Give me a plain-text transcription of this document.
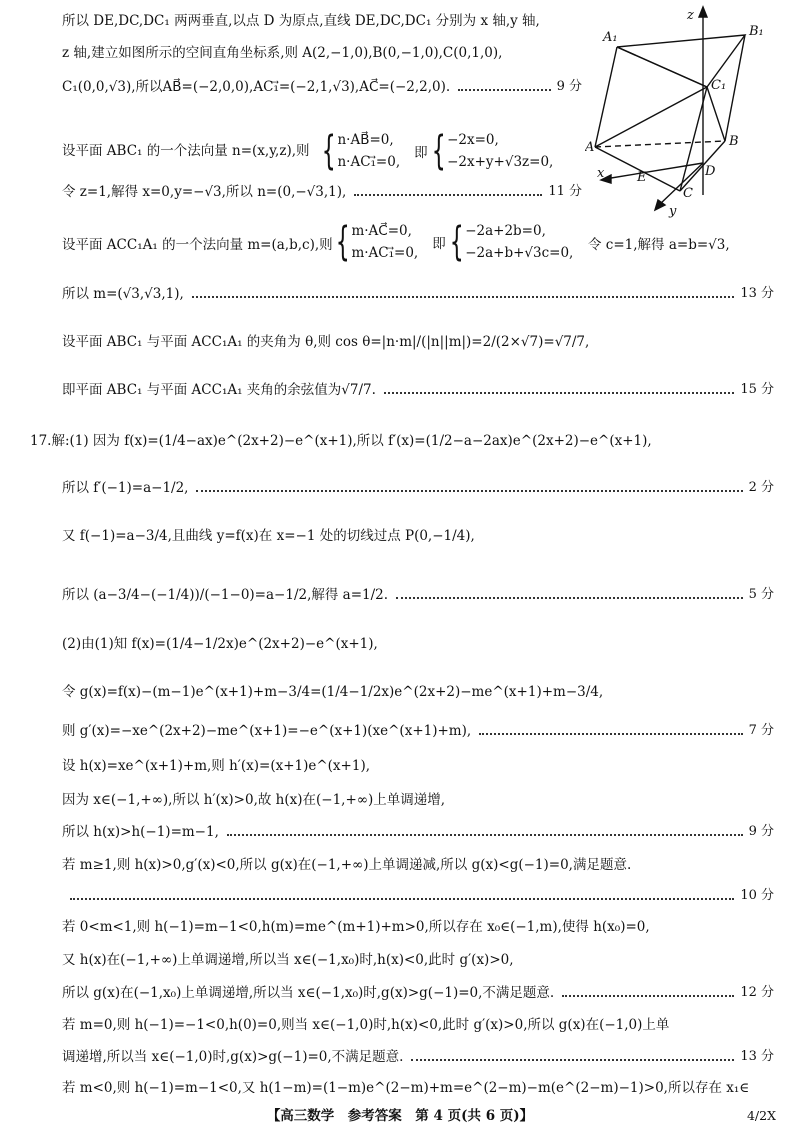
所以 DE,DC,DC₁ 两两垂直,以点 D 为原点,直线 DE,DC,DC₁ 分别为 x 轴,y 轴,
z 轴,建立如图所示的空间直角坐标系,则 A(2,−1,0),B(0,−1,0),C(0,1,0),
C₁(0,0,√3),所以AB⃗=(−2,0,0),AC₁⃗=(−2,1,√3),AC⃗=(−2,2,0).	9 分
设平面 ABC₁ 的一个法向量 n=(x,y,z),则 { n·AB⃗=0,
n·AC₁⃗=0,
即 { −2x=0,
−2x+y+√3z=0,
令 z=1,解得 x=0,y=−√3,所以 n=(0,−√3,1),	11 分
设平面 ACC₁A₁ 的一个法向量 m=(a,b,c),则 { m·AC⃗=0,
m·AC₁⃗=0,
即 { −2a+2b=0,
−2a+b+√3c=0, 令 c=1,解得 a=b=√3,
所以 m=(√3,√3,1),	13 分
设平面 ABC₁ 与平面 ACC₁A₁ 的夹角为 θ,则 cos θ=|n·m|/(|n||m|)=2/(2×√7)=√7/7,
即平面 ABC₁ 与平面 ACC₁A₁ 夹角的余弦值为√7/7.	15 分
17.解:(1) 因为 f(x)=(1/4−ax)e^(2x+2)−e^(x+1),所以 f′(x)=(1/2−a−2ax)e^(2x+2)−e^(x+1),
所以 f′(−1)=a−1/2,	2 分
又 f(−1)=a−3/4,且曲线 y=f(x)在 x=−1 处的切线过点 P(0,−1/4),
所以 (a−3/4−(−1/4))/(−1−0)=a−1/2,解得 a=1/2.	5 分
(2)由(1)知 f(x)=(1/4−1/2x)e^(2x+2)−e^(x+1),
令 g(x)=f(x)−(m−1)e^(x+1)+m−3/4=(1/4−1/2x)e^(2x+2)−me^(x+1)+m−3/4,
则 g′(x)=−xe^(2x+2)−me^(x+1)=−e^(x+1)(xe^(x+1)+m),	7 分
设 h(x)=xe^(x+1)+m,则 h′(x)=(x+1)e^(x+1),
因为 x∈(−1,+∞),所以 h′(x)>0,故 h(x)在(−1,+∞)上单调递增,
所以 h(x)>h(−1)=m−1,	9 分
若 m≥1,则 h(x)>0,g′(x)<0,所以 g(x)在(−1,+∞)上单调递减,所以 g(x)<g(−1)=0,满足题意.
10 分
若 0<m<1,则 h(−1)=m−1<0,h(m)=me^(m+1)+m>0,所以存在 x₀∈(−1,m),使得 h(x₀)=0,
又 h(x)在(−1,+∞)上单调递增,所以当 x∈(−1,x₀)时,h(x)<0,此时 g′(x)>0,
所以 g(x)在(−1,x₀)上单调递增,所以当 x∈(−1,x₀)时,g(x)>g(−1)=0,不满足题意.	12 分
若 m=0,则 h(−1)=−1<0,h(0)=0,则当 x∈(−1,0)时,h(x)<0,此时 g′(x)>0,所以 g(x)在(−1,0)上单
调递增,所以当 x∈(−1,0)时,g(x)>g(−1)=0,不满足题意.	13 分
若 m<0,则 h(−1)=m−1<0,又 h(1−m)=(1−m)e^(2−m)+m=e^(2−m)−m(e^(2−m)−1)>0,所以存在 x₁∈
A₁	B₁
C₁
A	B
C
D
E
x
y
z
【高三数学　参考答案　第 4 页(共 6 页)】	4/2X
